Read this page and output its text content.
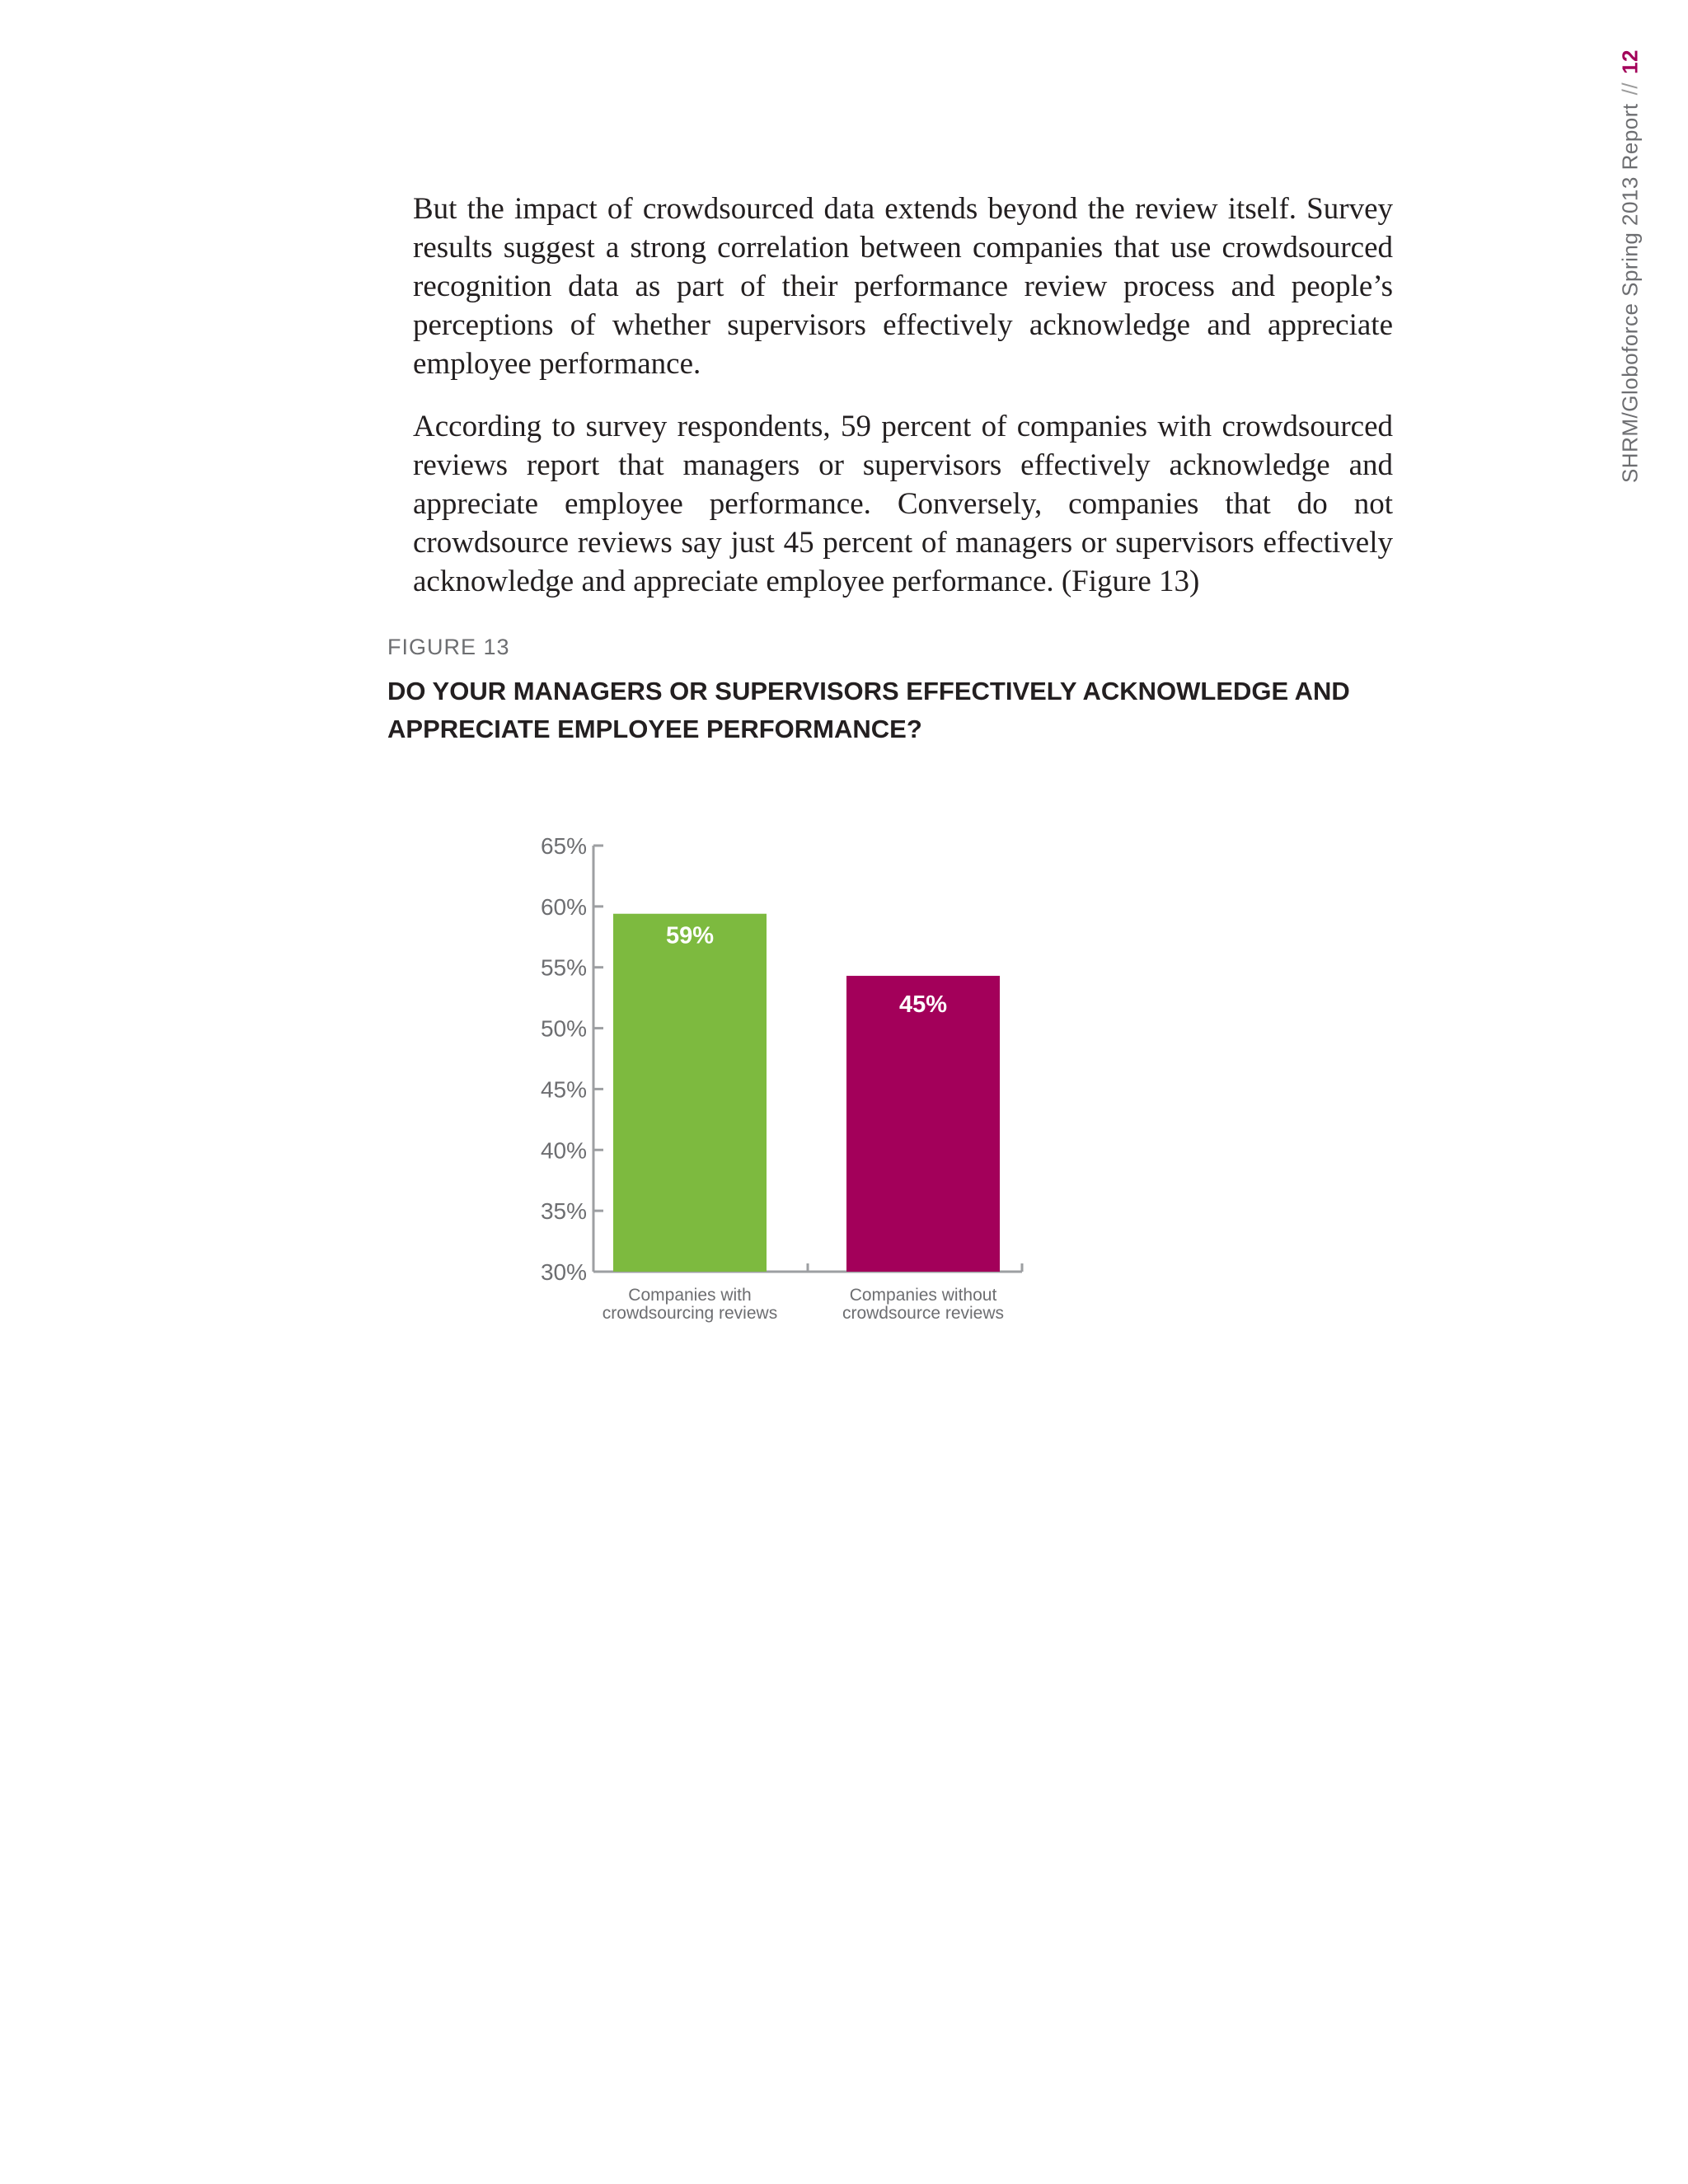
SHRM/Globoforce Spring 2013 Report//12

But the impact of crowdsourced data extends beyond the review itself. Survey results suggest a strong correlation between companies that use crowdsourced recognition data as part of their performance review process and people’s perceptions of whether supervisors effectively acknowledge and appreciate employee performance.

According to survey respondents, 59 percent of companies with crowdsourced reviews report that managers or supervisors effectively acknowledge and appreciate employee performance. Conversely, companies that do not crowdsource reviews say just 45 percent of managers or supervisors effectively acknowledge and appreciate employee performance. (Figure 13)

FIGURE 13
DO YOUR MANAGERS OR SUPERVISORS EFFECTIVELY ACKNOWLEDGE AND
APPRECIATE EMPLOYEE PERFORMANCE?
65%
60%
55%
50%
45%
40%
35%
30%
59%
Companies with crowdsourcing reviews
45%
Companies without crowdsource reviews
